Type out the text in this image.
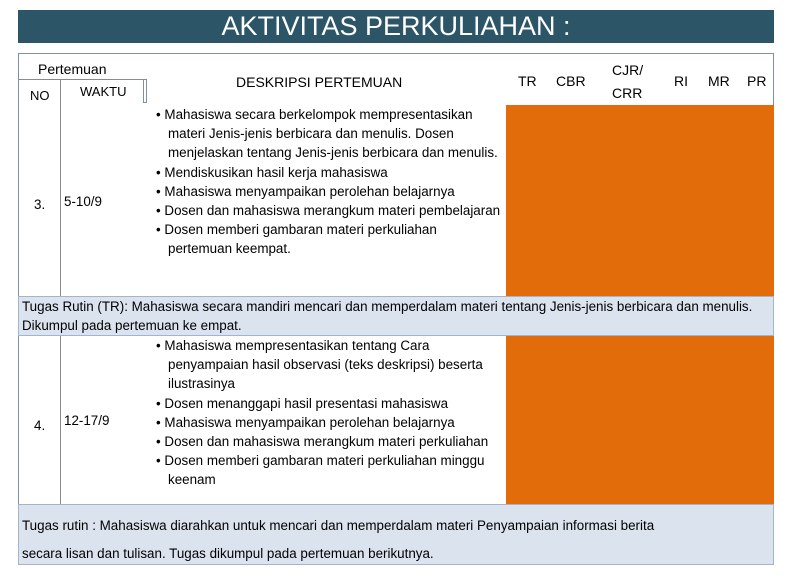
AKTIVITAS PERKULIAHAN :
Pertemuan
NO WAKTU
DESKRIPSI PERTEMUAN	TR CBR
CJR/
CRR
RI MR PR
3. 5-10/9

• Mahasiswa secara berkelompok mempresentasikan materi Jenis-jenis berbicara dan menulis. Dosen menjelaskan tentang Jenis-jenis berbicara dan menulis.

• Mendiskusikan hasil kerja mahasiswa

• Mahasiswa menyampaikan perolehan belajarnya

• Dosen dan mahasiswa merangkum materi pembelajaran

• Dosen memberi gambaran materi perkuliahan pertemuan keempat.

Tugas Rutin (TR): Mahasiswa secara mandiri mencari dan memperdalam materi tentang Jenis-jenis berbicara dan menulis. Dikumpul pada pertemuan ke empat.
4. 12-17/9

• Mahasiswa mempresentasikan tentang Cara penyampaian hasil observasi (teks deskripsi) beserta ilustrasinya

• Dosen menanggapi hasil presentasi mahasiswa

• Mahasiswa menyampaikan perolehan belajarnya

• Dosen dan mahasiswa merangkum materi perkuliahan

• Dosen memberi gambaran materi perkuliahan minggu keenam

Tugas rutin : Mahasiswa diarahkan untuk mencari dan memperdalam materi Penyampaian informasi berita
secara lisan dan tulisan. Tugas dikumpul pada pertemuan berikutnya.
